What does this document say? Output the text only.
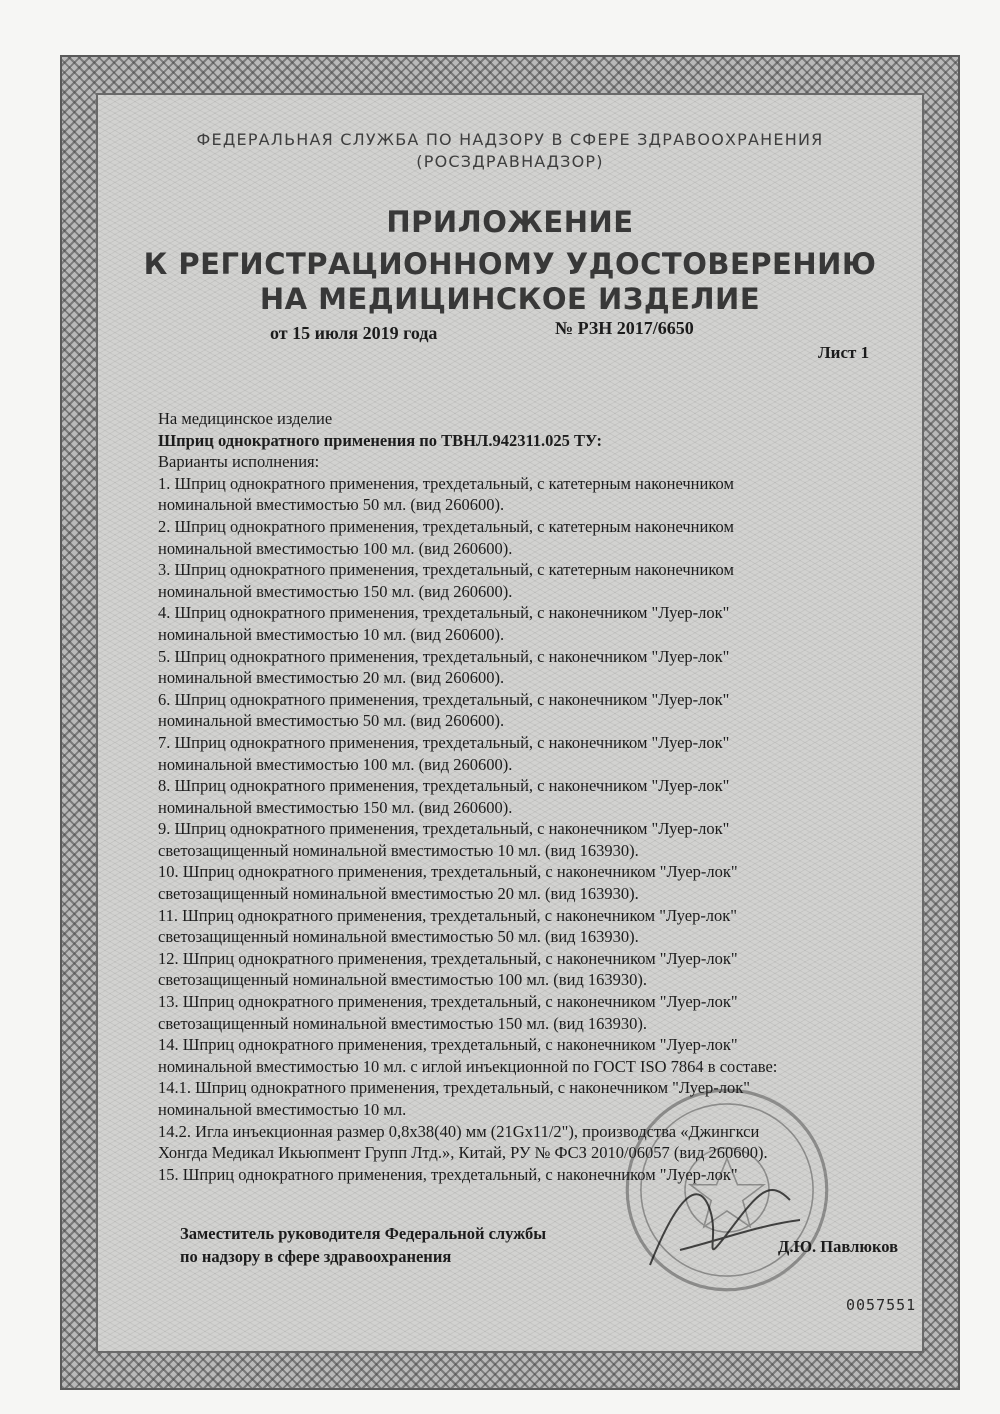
ФЕДЕРАЛЬНАЯ СЛУЖБА ПО НАДЗОРУ В СФЕРЕ ЗДРАВООХРАНЕНИЯ
(РОСЗДРАВНАДЗОР)
ПРИЛОЖЕНИЕ
К РЕГИСТРАЦИОННОМУ УДОСТОВЕРЕНИЮ
НА МЕДИЦИНСКОЕ ИЗДЕЛИЕ
от 15 июля 2019 года	№ РЗН 2017/6650
Лист 1
На медицинское изделие
Шприц однократного применения по ТВНЛ.942311.025 ТУ:
Варианты исполнения:
1. Шприц однократного применения, трехдетальный, с катетерным наконечником
номинальной вместимостью 50 мл. (вид 260600).
2. Шприц однократного применения, трехдетальный, с катетерным наконечником
номинальной вместимостью 100 мл. (вид 260600).
3. Шприц однократного применения, трехдетальный, с катетерным наконечником
номинальной вместимостью 150 мл. (вид 260600).
4. Шприц однократного применения, трехдетальный, с наконечником "Луер-лок"
номинальной вместимостью 10 мл. (вид 260600).
5. Шприц однократного применения, трехдетальный, с наконечником "Луер-лок"
номинальной вместимостью 20 мл. (вид 260600).
6. Шприц однократного применения, трехдетальный, с наконечником "Луер-лок"
номинальной вместимостью 50 мл. (вид 260600).
7. Шприц однократного применения, трехдетальный, с наконечником "Луер-лок"
номинальной вместимостью 100 мл. (вид 260600).
8. Шприц однократного применения, трехдетальный, с наконечником "Луер-лок"
номинальной вместимостью 150 мл. (вид 260600).
9. Шприц однократного применения, трехдетальный, с наконечником "Луер-лок"
светозащищенный номинальной вместимостью 10 мл. (вид 163930).
10. Шприц однократного применения, трехдетальный, с наконечником "Луер-лок"
светозащищенный номинальной вместимостью 20 мл. (вид 163930).
11. Шприц однократного применения, трехдетальный, с наконечником "Луер-лок"
светозащищенный номинальной вместимостью 50 мл. (вид 163930).
12. Шприц однократного применения, трехдетальный, с наконечником "Луер-лок"
светозащищенный номинальной вместимостью 100 мл. (вид 163930).
13. Шприц однократного применения, трехдетальный, с наконечником "Луер-лок"
светозащищенный номинальной вместимостью 150 мл. (вид 163930).
14. Шприц однократного применения, трехдетальный, с наконечником "Луер-лок"
номинальной вместимостью 10 мл. с иглой инъекционной по ГОСТ ISO 7864 в составе:
14.1. Шприц однократного применения, трехдетальный, с наконечником "Луер-лок"
номинальной вместимостью 10 мл.
14.2. Игла инъекционная размер 0,8х38(40) мм (21Gx11/2"), производства «Джингкси
Хонгда Медикал Икьюпмент Групп Лтд.», Китай, РУ № ФСЗ 2010/06057 (вид 260600).
15. Шприц однократного применения, трехдетальный, с наконечником "Луер-лок"
Заместитель руководителя Федеральной службы
по надзору в сфере здравоохранения
Д.Ю. Павлюков
0057551
